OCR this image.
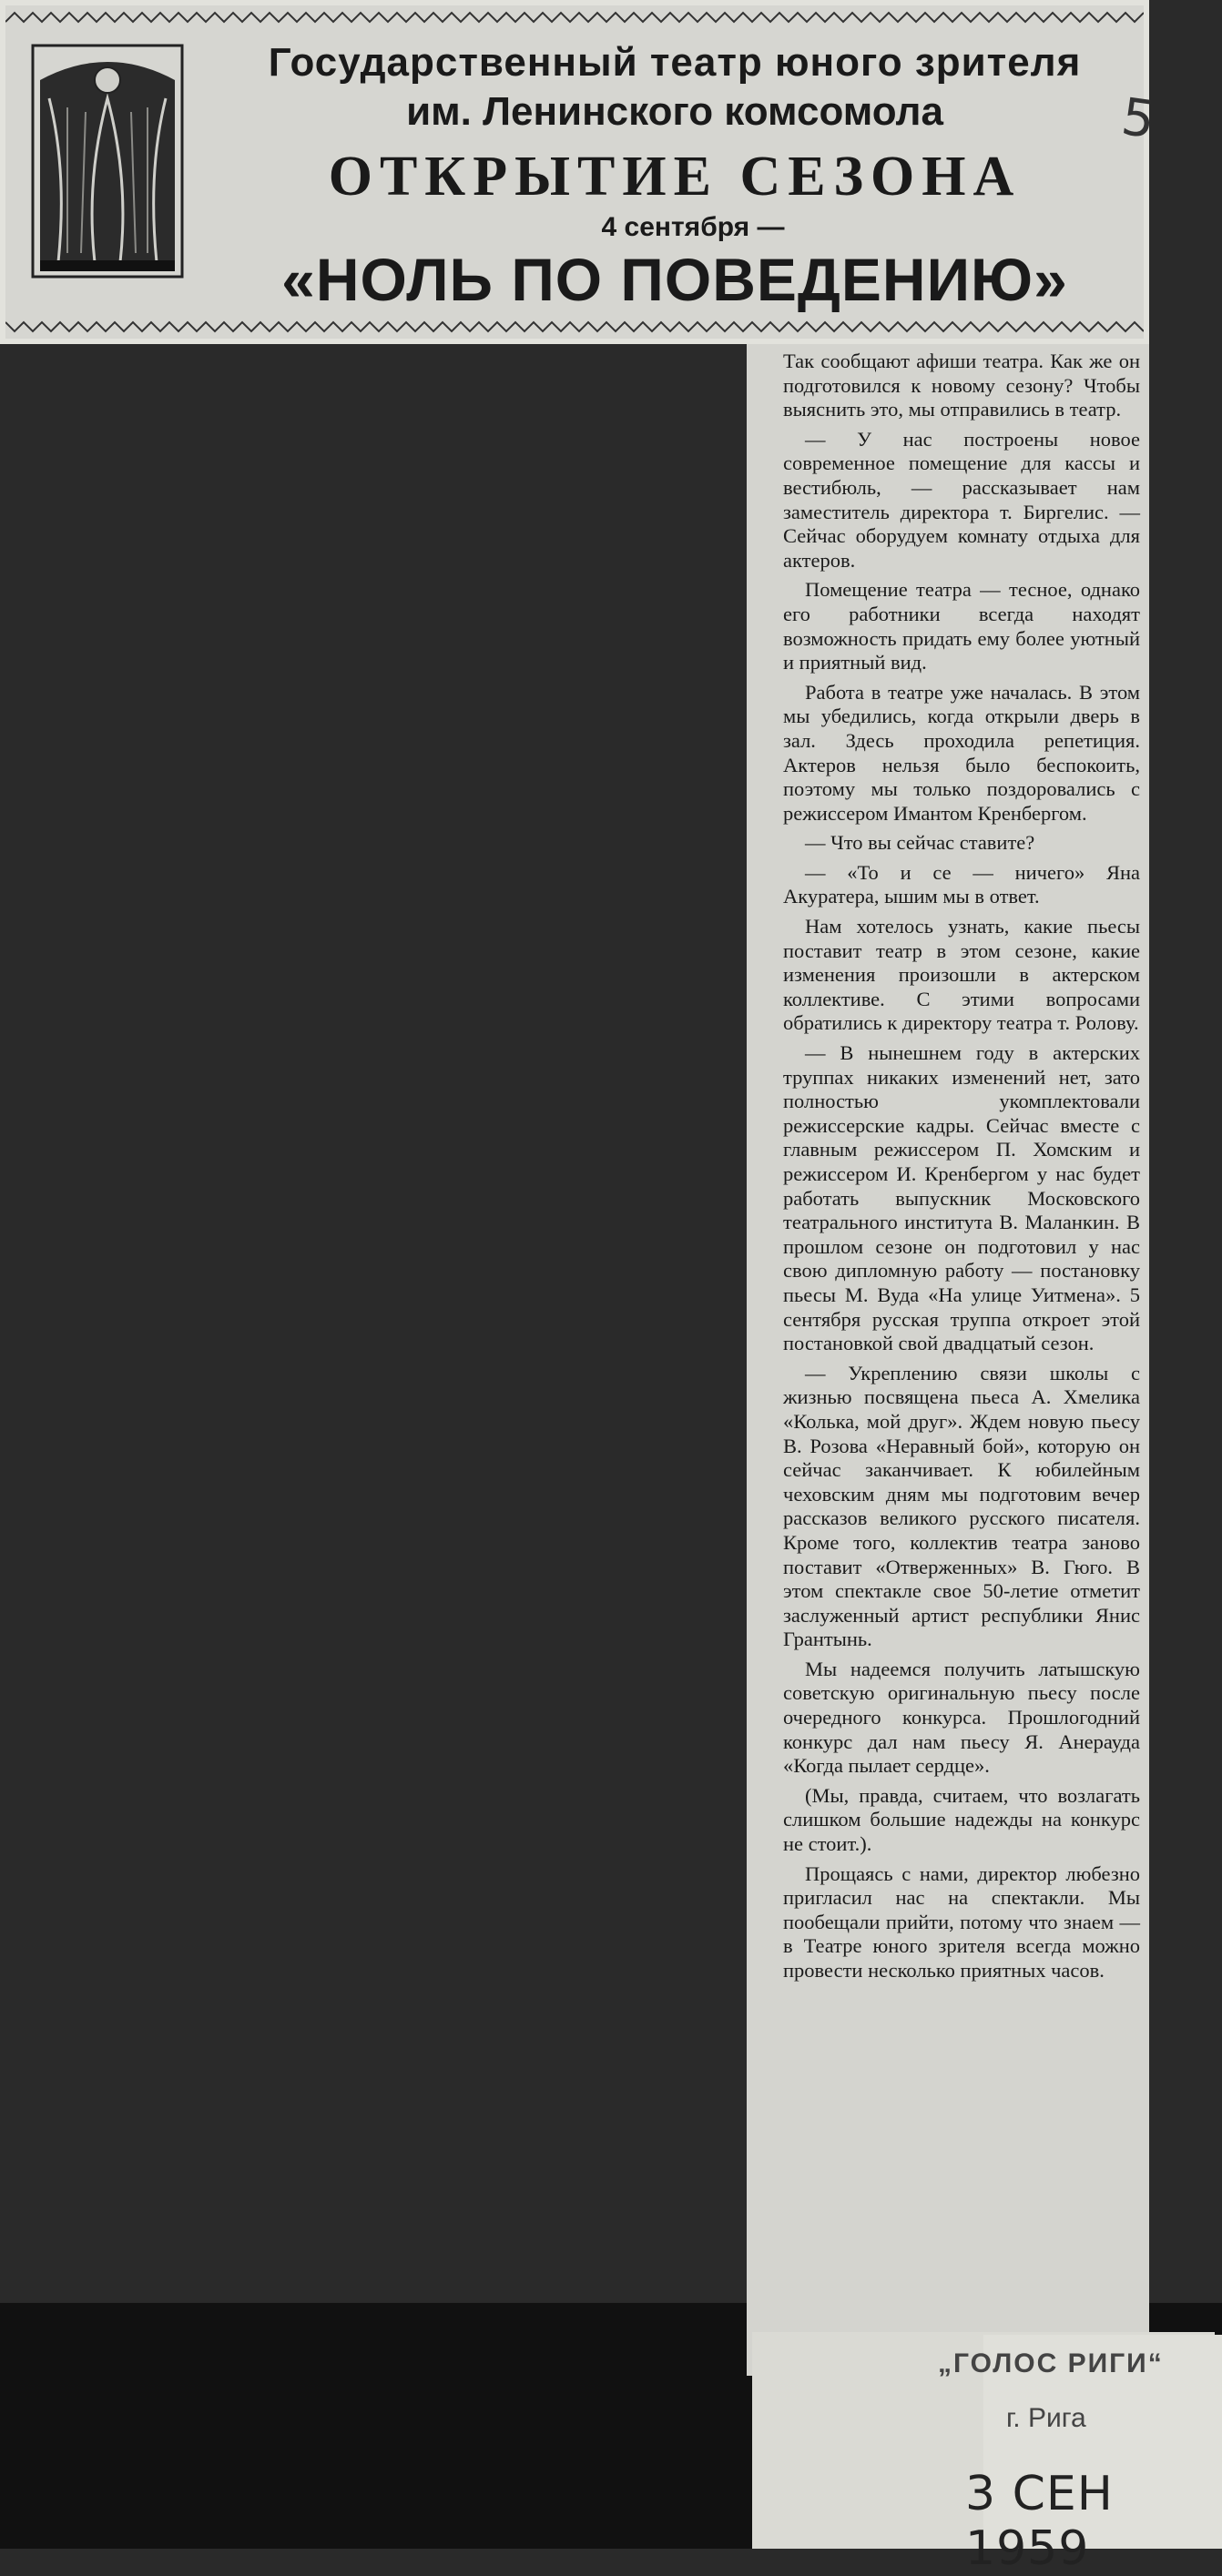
Государственный театр юного зрителя
им. Ленинского комсомола
ОТКРЫТИЕ СЕЗОНА
4 сентября —
«НОЛЬ ПО ПОВЕДЕНИЮ»
5

Так сообщают афиши театра. Как же он подготовился к новому сезону? Чтобы выяснить это, мы отправились в театр.

— У нас построены новое современное помещение для кассы и вестибюль, — рассказывает нам заместитель директора т. Биргелис. — Сейчас оборудуем комнату отдыха для актеров.

Помещение театра — тесное, однако его работники всегда находят возможность придать ему более уютный и приятный вид.

Работа в театре уже началась. В этом мы убедились, когда открыли дверь в зал. Здесь проходила репетиция. Актеров нельзя было беспокоить, поэтому мы только поздоровались с режиссером Имантом Кренбергом.

— Что вы сейчас ставите?

— «То и се — ничего» Яна Акуратера, ышим мы в ответ.

Нам хотелось узнать, какие пьесы поставит театр в этом сезоне, какие изменения произошли в актерском коллективе. С этими вопросами обратились к директору театра т. Ролову.

— В нынешнем году в актерских труппах никаких изменений нет, зато полностью укомплектовали режиссерские кадры. Сейчас вместе с главным режиссером П. Хомским и режиссером И. Кренбергом у нас будет работать выпускник Московского театрального института В. Маланкин. В прошлом сезоне он подготовил у нас свою дипломную работу — постановку пьесы М. Вуда «На улице Уитмена». 5 сентября русская труппа откроет этой постановкой свой двадцатый сезон.

— Укреплению связи школы с жизнью посвящена пьеса А. Хмелика «Колька, мой друг». Ждем новую пьесу В. Розова «Неравный бой», которую он сейчас заканчивает. К юбилейным чеховским дням мы подготовим вечер рассказов великого русского писателя. Кроме того, коллектив театра заново поставит «Отверженных» В. Гюго. В этом спектакле свое 50-летие отметит заслуженный артист республики Янис Грантынь.

Мы надеемся получить латышскую советскую оригинальную пьесу после очередного конкурса. Прошлогодний конкурс дал нам пьесу Я. Анерауда «Когда пылает сердце».

(Мы, правда, считаем, что возлагать слишком большие надежды на конкурс не стоит.).

Прощаясь с нами, директор любезно пригласил нас на спектакли. Мы пообещали прийти, потому что знаем — в Театре юного зрителя всегда можно провести несколько приятных часов.

„ГОЛОС РИГИ“
г. Рига
3 СЕН 1959
